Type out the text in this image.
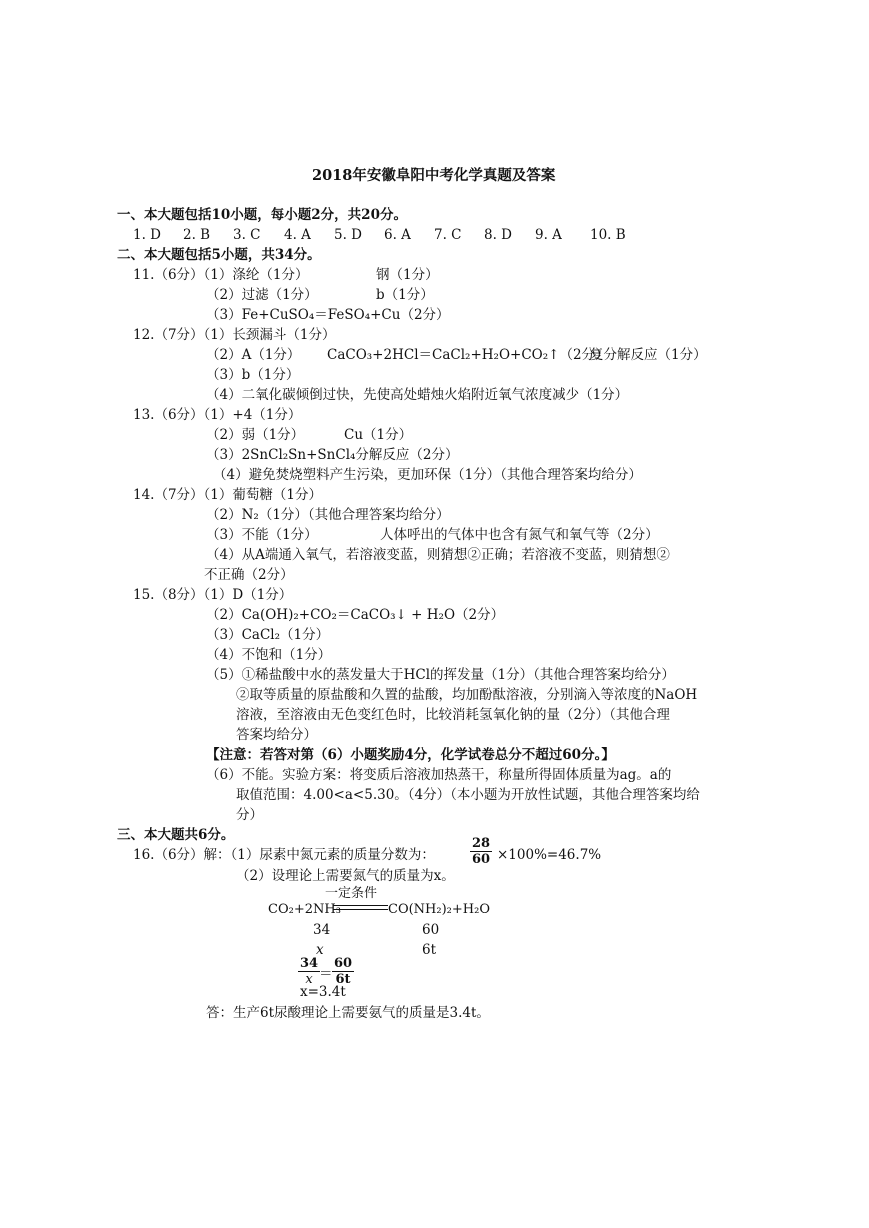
2018年安徽阜阳中考化学真题及答案
一、本大题包括10小题，每小题2分，共20分。
1. D 2. B 3. C 4. A 5. D 6. A 7. C 8. D 9. A 10. B
二、本大题包括5小题，共34分。
11.（6分）（1）涤纶（1分）	钢（1分）
（2）过滤（1分）	b（1分）
（3）Fe+CuSO₄＝FeSO₄+Cu（2分）
12.（7分）（1）长颈漏斗（1分）
（2）A（1分） CaCO₃+2HCl＝CaCl₂+H₂O+CO₂↑（2分）
复分解反应（1分）
（3）b（1分）
（4）二氧化碳倾倒过快，先使高处蜡烛火焰附近氧气浓度减少（1分）
13.（6分）（1）+4（1分）
（2）弱（1分）	Cu（1分）
（3）2SnCl₂Sn+SnCl₄分解反应（2分）
（4）避免焚烧塑料产生污染，更加环保（1分）（其他合理答案均给分）
14.（7分）（1）葡萄糖（1分）
（2）N₂（1分）（其他合理答案均给分）
（3）不能（1分）	人体呼出的气体中也含有氮气和氧气等（2分）
（4）从A端通入氧气，若溶液变蓝，则猜想②正确；若溶液不变蓝，则猜想②
不正确（2分）
15.（8分）（1）D（1分）
（2）Ca(OH)₂+CO₂＝CaCO₃↓ + H₂O（2分）
（3）CaCl₂（1分）
（4）不饱和（1分）
（5）①稀盐酸中水的蒸发量大于HCl的挥发量（1分）（其他合理答案均给分）
②取等质量的原盐酸和久置的盐酸，均加酚酞溶液，分别滴入等浓度的NaOH
溶液，至溶液由无色变红色时，比较消耗氢氧化钠的量（2分）（其他合理
答案均给分）
【注意：若答对第（6）小题奖励4分，化学试卷总分不超过60分。】
（6）不能。实验方案：将变质后溶液加热蒸干，称量所得固体质量为ag。a的
取值范围：4.00<a<5.30。（4分）（本小题为开放性试题，其他合理答案均给
分）
三、本大题共6分。
16.（6分）解：（1）尿素中氮元素的质量分数为：	$\frac{28}{60} \times 100\%=46.7\%$
（2）设理论上需要氮气的质量为x。
一定条件
CO₂+2NH₃	CO(NH₂)₂+H₂O
34	60
x	6t
$\frac{34}{x}$
＝ $\frac{60}{6t}$
x=3.4t
答：生产6t尿酸理论上需要氨气的质量是3.4t。
